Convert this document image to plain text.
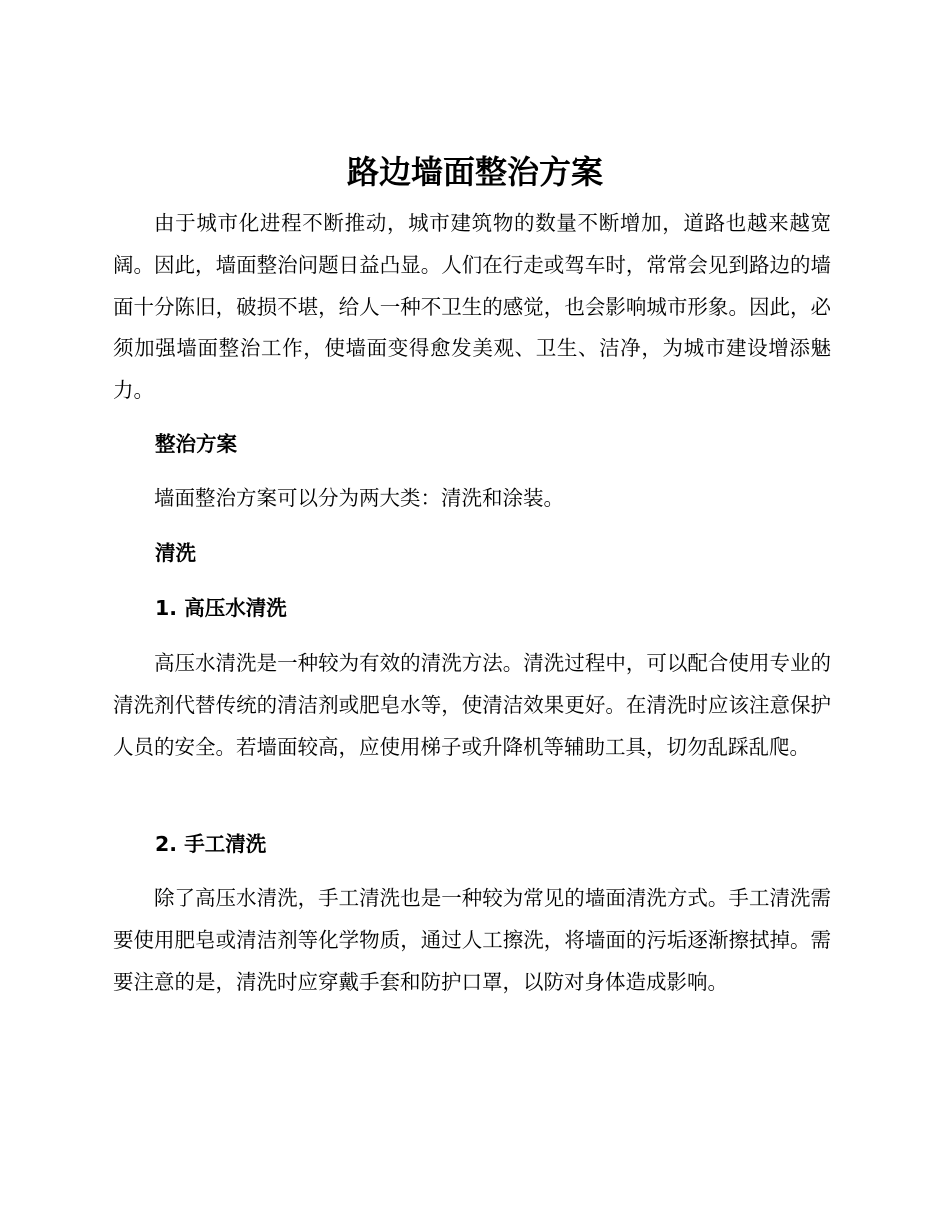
路边墙面整治方案

由于城市化进程不断推动，城市建筑物的数量不断增加，道路也越来越宽阔。因此，墙面整治问题日益凸显。人们在行走或驾车时，常常会见到路边的墙面十分陈旧，破损不堪，给人一种不卫生的感觉，也会影响城市形象。因此，必须加强墙面整治工作，使墙面变得愈发美观、卫生、洁净，为城市建设增添魅力。

整治方案

墙面整治方案可以分为两大类：清洗和涂装。

清洗
1. 高压水清洗

高压水清洗是一种较为有效的清洗方法。清洗过程中，可以配合使用专业的清洗剂代替传统的清洁剂或肥皂水等，使清洁效果更好。在清洗时应该注意保护人员的安全。若墙面较高，应使用梯子或升降机等辅助工具，切勿乱踩乱爬。

2. 手工清洗

除了高压水清洗，手工清洗也是一种较为常见的墙面清洗方式。手工清洗需要使用肥皂或清洁剂等化学物质，通过人工擦洗，将墙面的污垢逐渐擦拭掉。需要注意的是，清洗时应穿戴手套和防护口罩，以防对身体造成影响。
